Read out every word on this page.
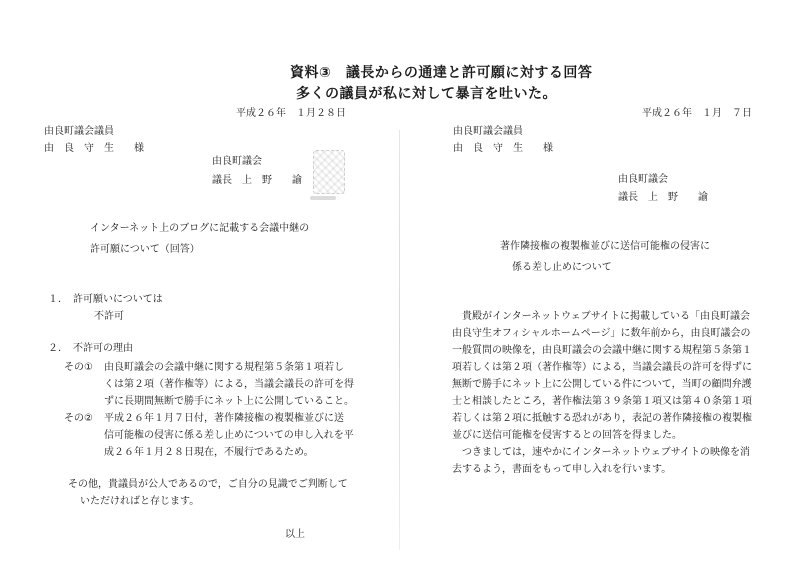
資料③　議長からの通達と許可願に対する回答
多くの議員が私に対して暴言を吐いた。
平成２６年　１月２８日
由良町議会議員
由　良　守　生　　様
由良町議会
議長　上　野　　諭
インターネット上のブログに記載する会議中継の
許可願について（回答）
１．　許可願いについては
不許可
２．　不許可の理由
その① 由良町議会の会議中継に関する規程第５条第１項若し
くは第２項（著作権等）による，当議会議長の許可を得
ずに長期間無断で勝手にネット上に公開していること。
その② 平成２６年１月７日付，著作隣接権の複製権並びに送
信可能権の侵害に係る差し止めについての申し入れを平
成２６年１月２８日現在，不履行であるため。
その他，貴議員が公人であるので，ご自分の見識でご判断して
いただければと存じます。
以上
平成２６年　１月　７日
由良町議会議員
由　良　守　生　　様
由良町議会
議長　上　野　　諭
著作隣接権の複製権並びに送信可能権の侵害に
係る差し止めについて
貴殿がインターネットウェブサイトに掲載している「由良町議会
由良守生オフィシャルホームページ」に数年前から，由良町議会の
一般質問の映像を，由良町議会の会議中継に関する規程第５条第１
項若しくは第２項（著作権等）による，当議会議長の許可を得ずに
無断で勝手にネット上に公開している件について，当町の顧問弁護
士と相談したところ，著作権法第３９条第１項又は第４０条第１項
若しくは第２項に抵触する恐れがあり，表記の著作隣接権の複製権
並びに送信可能権を侵害するとの回答を得ました。
つきましては，速やかにインターネットウェブサイトの映像を消
去するよう，書面をもって申し入れを行います。
